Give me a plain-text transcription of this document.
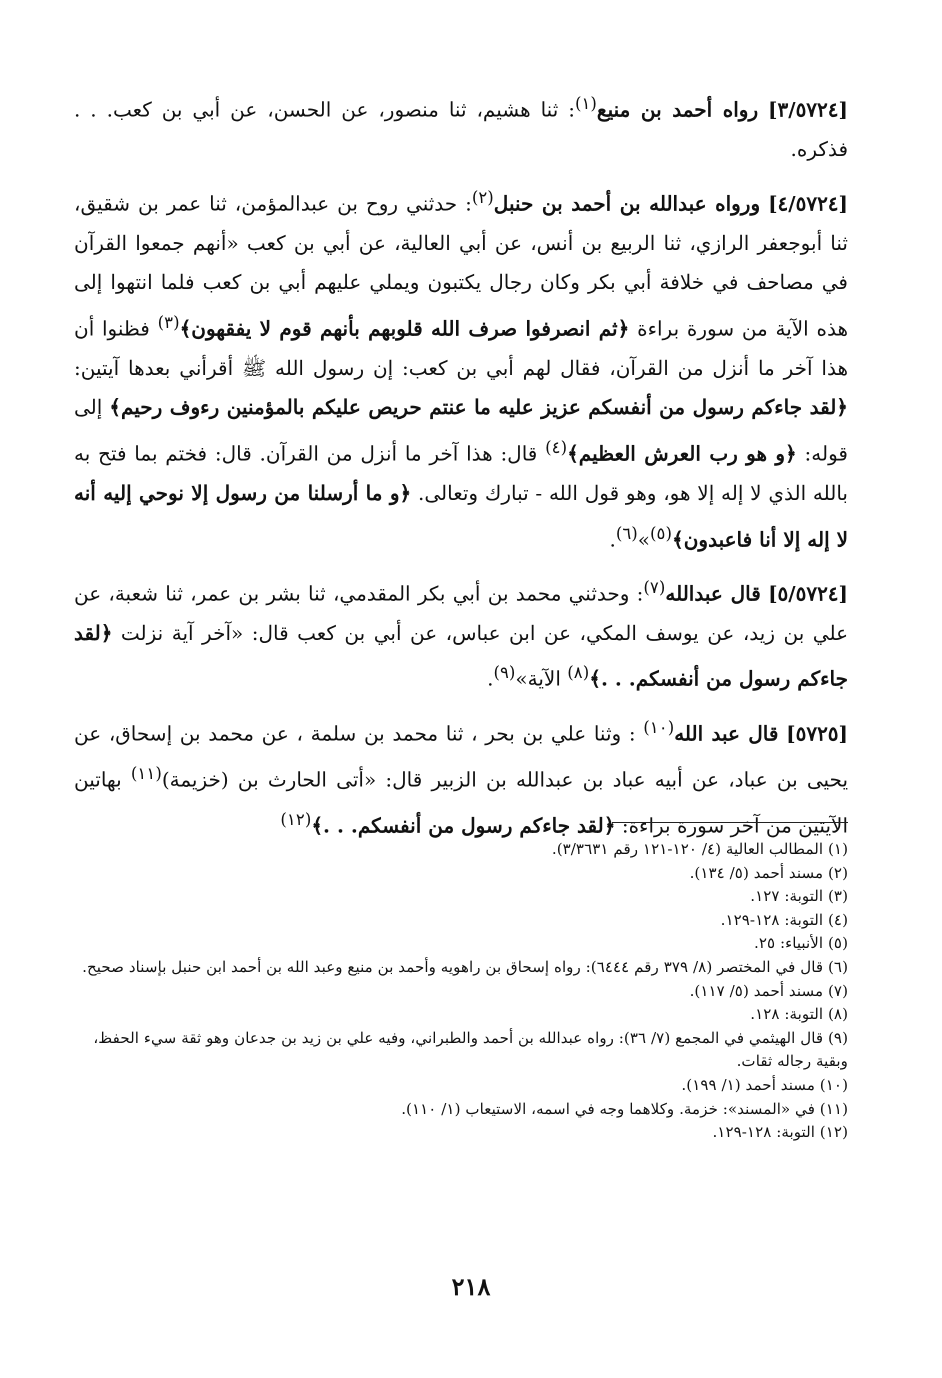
[٣/٥٧٢٤] رواه أحمد بن منيع$^{(١)}$: ثنا هشيم، ثنا منصور، عن الحسن، عن أبي بن كعب. . . فذكره.

[٤/٥٧٢٤] ورواه عبدالله بن أحمد بن حنبل$^{(٢)}$: حدثني روح بن عبدالمؤمن، ثنا عمر بن شقيق، ثنا أبوجعفر الرازي، ثنا الربيع بن أنس، عن أبي العالية، عن أبي بن كعب «أنهم جمعوا القرآن في مصاحف في خلافة أبي بكر وكان رجال يكتبون ويملي عليهم أبي بن كعب فلما انتهوا إلى هذه الآية من سورة براءة ﴿ثم انصرفوا صرف الله قلوبهم بأنهم قوم لا يفقهون﴾$^{(٣)}$ فظنوا أن هذا آخر ما أنزل من القرآن، فقال لهم أبي بن كعب: إن رسول الله ﷺ أقرأني بعدها آيتين: ﴿لقد جاءكم رسول من أنفسكم عزيز عليه ما عنتم حريص عليكم بالمؤمنين رءوف رحيم﴾ إلى قوله: ﴿و هو رب العرش العظيم﴾$^{(٤)}$ قال: هذا آخر ما أنزل من القرآن. قال: فختم بما فتح به بالله الذي لا إله إلا هو، وهو قول الله - تبارك وتعالى. ﴿و ما أرسلنا من رسول إلا نوحي إليه أنه لا إله إلا أنا فاعبدون﴾$^{(٥)}$»$^{(٦)}$.

[٥/٥٧٢٤] قال عبدالله$^{(٧)}$: وحدثني محمد بن أبي بكر المقدمي، ثنا بشر بن عمر، ثنا شعبة، عن علي بن زيد، عن يوسف المكي، عن ابن عباس، عن أبي بن كعب قال: «آخر آية نزلت ﴿لقد جاءكم رسول من أنفسكم. . .﴾$^{(٨)}$ الآية»$^{(٩)}$.

[٥٧٢٥] قال عبد الله$^{(١٠)}$ : وثنا علي بن بحر ، ثنا محمد بن سلمة ، عن محمد بن إسحاق، عن يحيى بن عباد، عن أبيه عباد بن عبدالله بن الزبير قال: «أتى الحارث بن (خزيمة)$^{(١١)}$ بهاتين الآيتين من آخر سورة براءة: ﴿لقد جاءكم رسول من أنفسكم. . .﴾$^{(١٢)}$

(١) المطالب العالية (٤/ ١٢٠-١٢١ رقم ٣/٣٦٣١).
(٢) مسند أحمد (٥/ ١٣٤).
(٣) التوبة: ١٢٧.
(٤) التوبة: ١٢٨-١٢٩.
(٥) الأنبياء: ٢٥.
(٦) قال في المختصر (٨/ ٣٧٩ رقم ٦٤٤٤): رواه إسحاق بن راهويه وأحمد بن منيع وعبد الله بن أحمد ابن حنبل بإسناد صحيح.
(٧) مسند أحمد (٥/ ١١٧).
(٨) التوبة: ١٢٨.
(٩) قال الهيثمي في المجمع (٧/ ٣٦): رواه عبدالله بن أحمد والطبراني، وفيه علي بن زيد بن جدعان وهو ثقة سيء الحفظ، وبقية رجاله ثقات.
(١٠) مسند أحمد (١/ ١٩٩).
(١١) في «المسند»: خزمة. وكلاهما وجه في اسمه، الاستيعاب (١/ ١١٠).
(١٢) التوبة: ١٢٨-١٢٩.
٢١٨
